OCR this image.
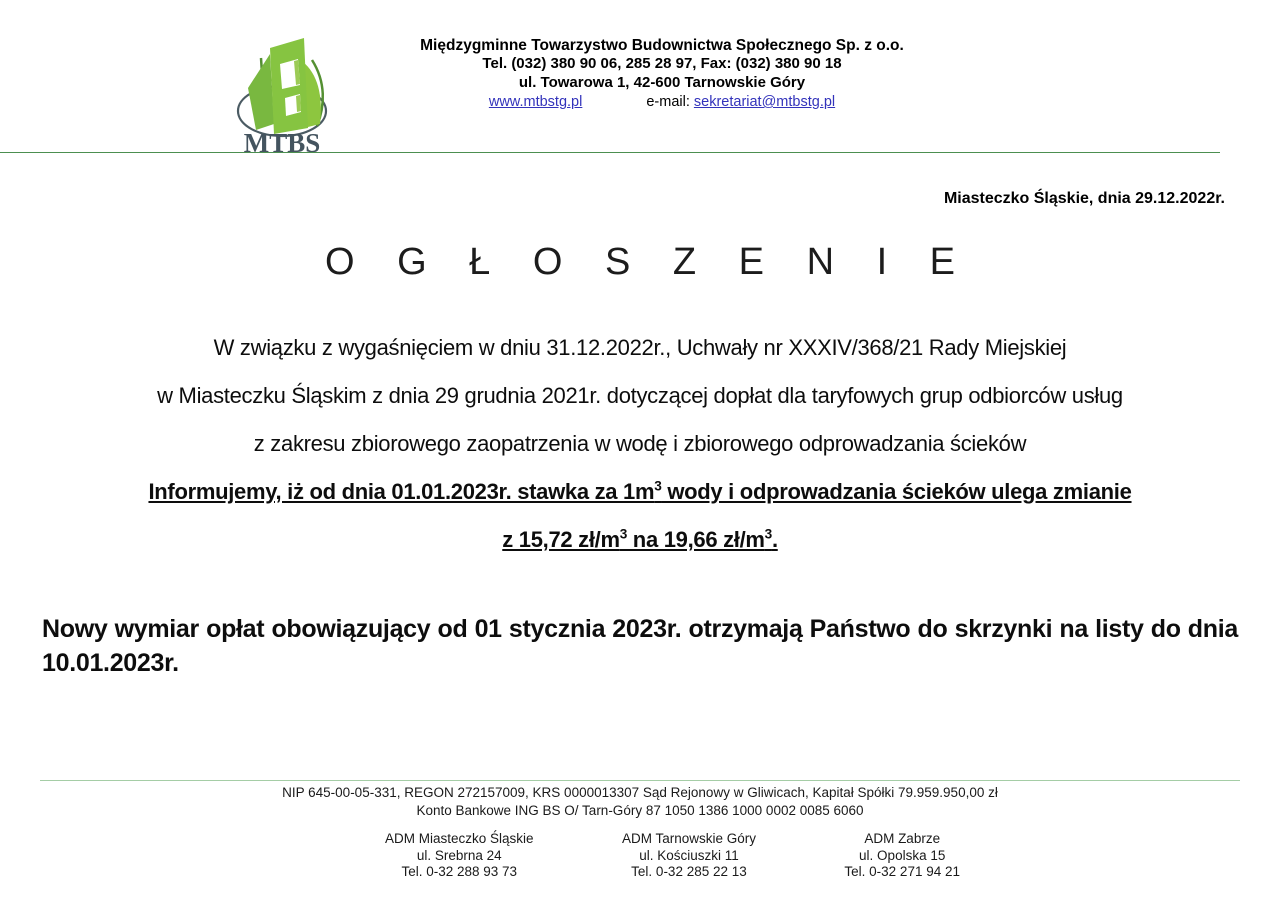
MTBS
Międzygminne Towarzystwo Budownictwa Społecznego Sp. z o.o.
Tel. (032) 380 90 06, 285 28 97, Fax: (032) 380 90 18
ul. Towarowa 1, 42-600 Tarnowskie Góry
www.mtbstg.pl	e-mail: sekretariat@mtbstg.pl
Miasteczko Śląskie, dnia 29.12.2022r.
O G Ł O S Z E N I E
W związku z wygaśnięciem w dniu 31.12.2022r., Uchwały nr XXXIV/368/21 Rady Miejskiej
w Miasteczku Śląskim z dnia 29 grudnia 2021r. dotyczącej dopłat dla taryfowych grup odbiorców usług
z zakresu zbiorowego zaopatrzenia w wodę i zbiorowego odprowadzania ścieków
Informujemy, iż od dnia 01.01.2023r. stawka za $1m^3$ wody i odprowadzania ścieków ulega zmianie
z 15,72 $zł/m^3$ na 19,66 $zł/m^3$.
Nowy wymiar opłat obowiązujący od 01 stycznia 2023r. otrzymają Państwo do skrzynki na listy do dnia 10.01.2023r.
NIP 645-00-05-331, REGON 272157009, KRS 0000013307 Sąd Rejonowy w Gliwicach, Kapitał Spółki 79.959.950,00 zł
Konto Bankowe ING BS O/ Tarn-Góry 87 1050 1386 1000 0002 0085 6060
ADM Miasteczko Śląskie
ul. Srebrna 24
Tel. 0-32 288 93 73
ADM Tarnowskie Góry
ul. Kościuszki 11
Tel. 0-32 285 22 13
ADM Zabrze
ul. Opolska 15
Tel. 0-32 271 94 21
